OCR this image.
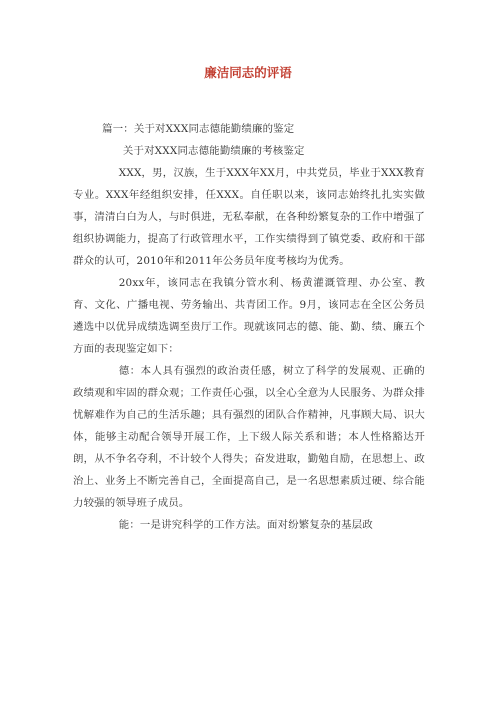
廉洁同志的评语

篇一：关于对XXX同志德能勤绩廉的鉴定

关于对XXX同志德能勤绩廉的考核鉴定

XXX，男，汉族，生于XXX年XX月，中共党员，毕业于XXX教育专业。XXX年经组织安排，任XXX。自任职以来，该同志始终扎扎实实做事，清清白白为人，与时俱进，无私奉献，在各种纷繁复杂的工作中增强了组织协调能力，提高了行政管理水平，工作实绩得到了镇党委、政府和干部群众的认可，2010年和2011年公务员年度考核均为优秀。

20xx年，该同志在我镇分管水利、杨黄灌溉管理、办公室、教育、文化、广播电视、劳务输出、共青团工作。9月，该同志在全区公务员遴选中以优异成绩选调至贵厅工作。现就该同志的德、能、勤、绩、廉五个方面的表现鉴定如下：

德：本人具有强烈的政治责任感，树立了科学的发展观、正确的政绩观和牢固的群众观；工作责任心强，以全心全意为人民服务、为群众排忧解难作为自己的生活乐趣；具有强烈的团队合作精神，凡事顾大局、识大体，能够主动配合领导开展工作，上下级人际关系和谐；本人性格豁达开朗，从不争名夺利，不计较个人得失；奋发进取，勤勉自励，在思想上、政治上、业务上不断完善自己，全面提高自己，是一名思想素质过硬、综合能力较强的领导班子成员。

能：一是讲究科学的工作方法。面对纷繁复杂的基层政
